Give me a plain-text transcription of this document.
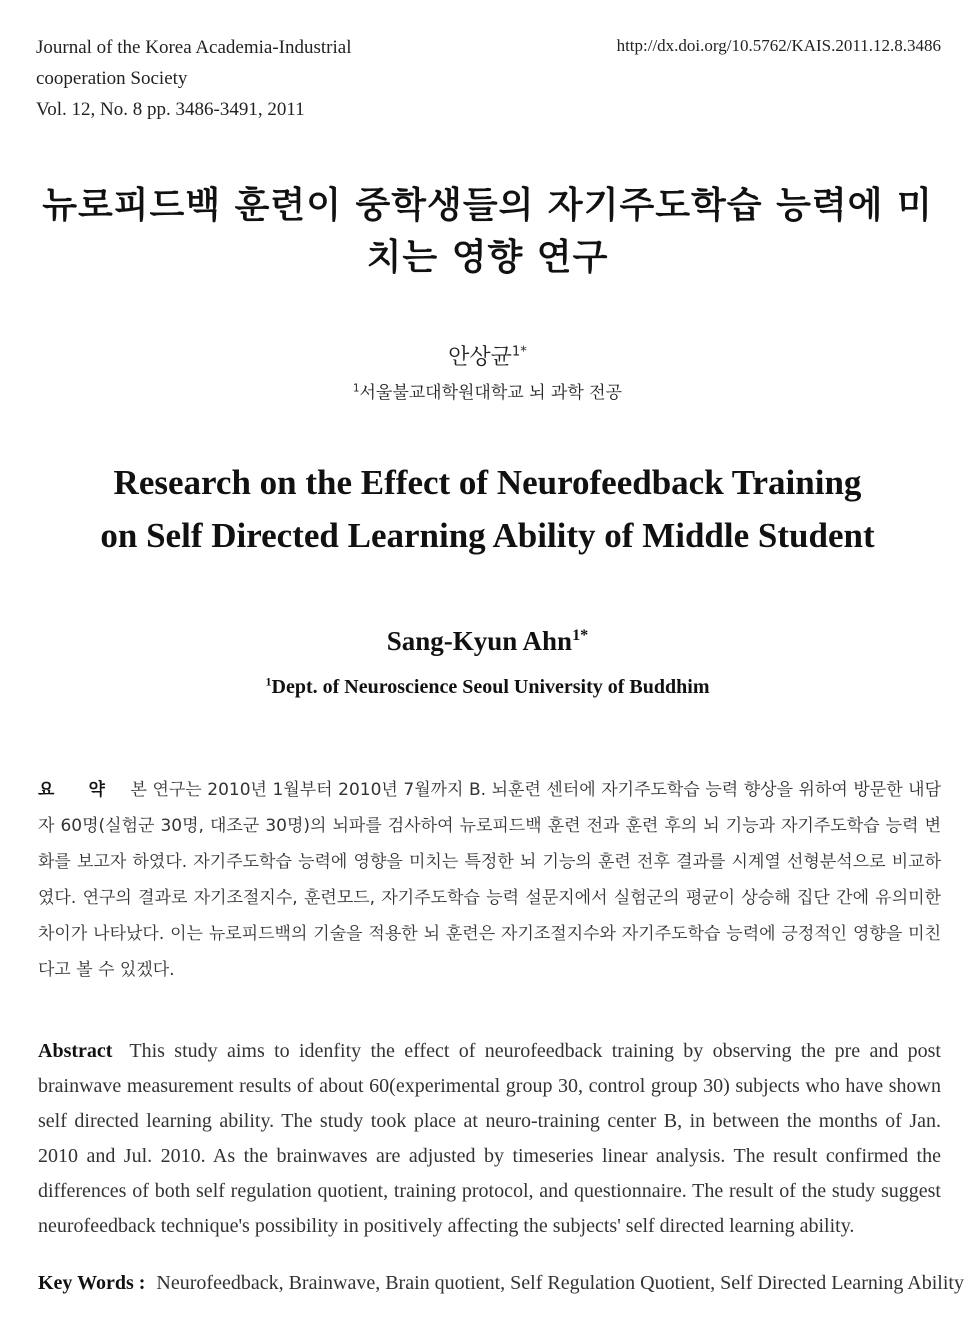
Journal of the Korea Academia-Industrial
cooperation Society
Vol. 12, No. 8 pp. 3486-3491, 2011
http://dx.doi.org/10.5762/KAIS.2011.12.8.3486
뉴로피드백 훈련이 중학생들의 자기주도학습 능력에 미치는 영향 연구
안상균$^{1*}$
$^1$서울불교대학원대학교 뇌 과학 전공
Research on the Effect of Neurofeedback Training
on Self Directed Learning Ability of Middle Student
Sang-Kyun Ahn$^{1*}$
$^1$Dept. of Neuroscience Seoul University of Buddhim
요 약 본 연구는 2010년 1월부터 2010년 7월까지 B. 뇌훈련 센터에 자기주도학습 능력 향상을 위하여 방문한 내담자 60명(실험군 30명, 대조군 30명)의 뇌파를 검사하여 뉴로피드백 훈련 전과 훈련 후의 뇌 기능과 자기주도학습 능력 변화를 보고자 하였다. 자기주도학습 능력에 영향을 미치는 특정한 뇌 기능의 훈련 전후 결과를 시계열 선형분석으로 비교하였다. 연구의 결과로 자기조절지수, 훈련모드, 자기주도학습 능력 설문지에서 실험군의 평균이 상승해 집단 간에 유의미한 차이가 나타났다. 이는 뉴로피드백의 기술을 적용한 뇌 훈련은 자기조절지수와 자기주도학습 능력에 긍정적인 영향을 미친다고 볼 수 있겠다.
Abstract This study aims to idenfity the effect of neurofeedback training by observing the pre and post brainwave measurement results of about 60(experimental group 30, control group 30) subjects who have shown self directed learning ability. The study took place at neuro-training center B, in between the months of Jan. 2010 and Jul. 2010. As the brainwaves are adjusted by timeseries linear analysis. The result confirmed the differences of both self regulation quotient, training protocol, and questionnaire. The result of the study suggest neurofeedback technique's possibility in positively affecting the subjects' self directed learning ability.
Key Words : Neurofeedback, Brainwave, Brain quotient, Self Regulation Quotient, Self Directed Learning Ability
